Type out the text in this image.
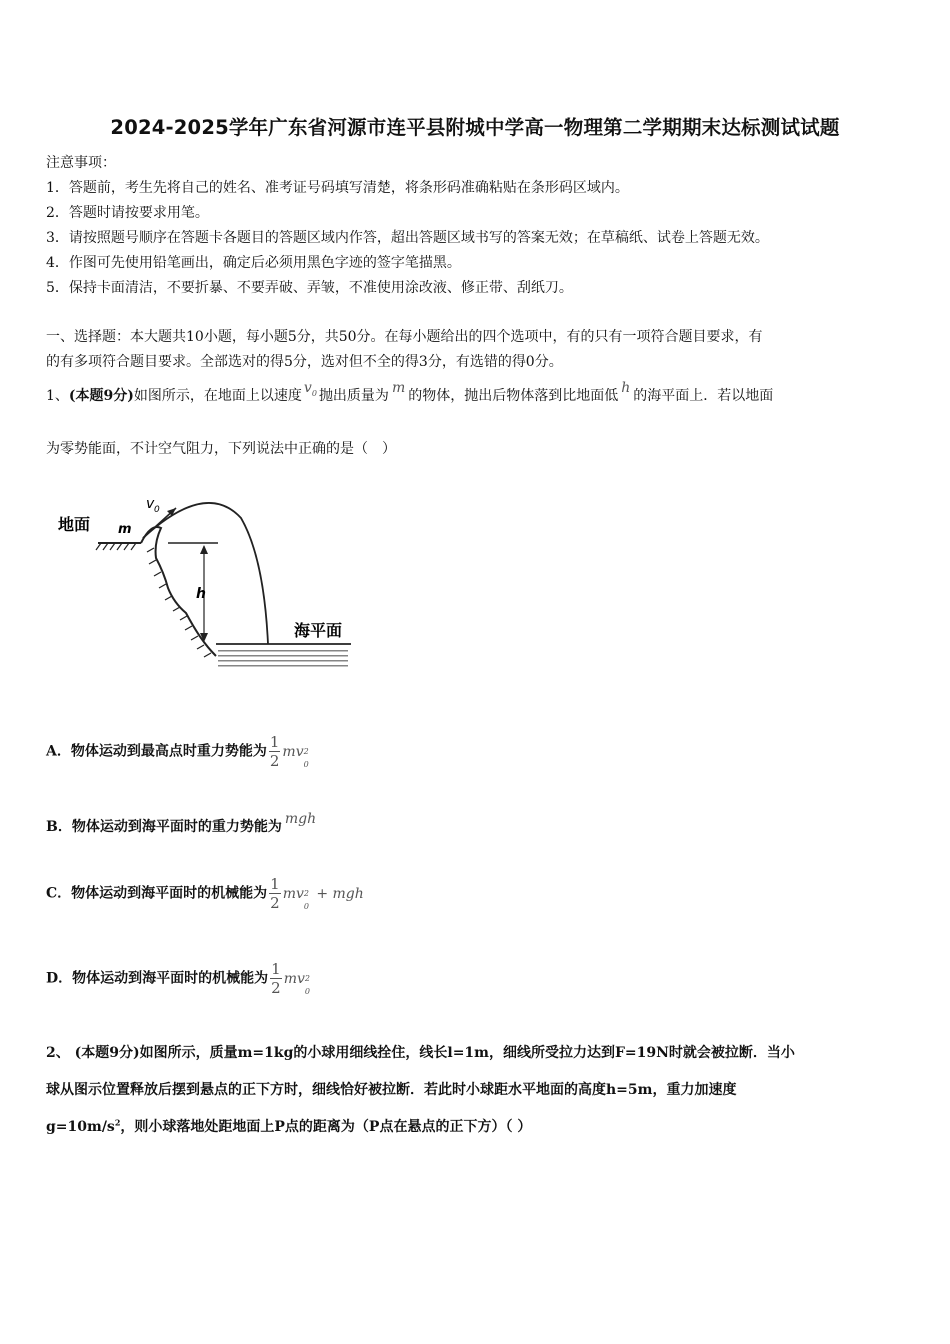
2024-2025学年广东省河源市连平县附城中学高一物理第二学期期末达标测试试题
注意事项：
1．答题前，考生先将自己的姓名、准考证号码填写清楚，将条形码准确粘贴在条形码区域内。
2．答题时请按要求用笔。
3．请按照题号顺序在答题卡各题目的答题区域内作答，超出答题区域书写的答案无效；在草稿纸、试卷上答题无效。
4．作图可先使用铅笔画出，确定后必须用黑色字迹的签字笔描黑。
5．保持卡面清洁，不要折暴、不要弄破、弄皱，不准使用涂改液、修正带、刮纸刀。
一、选择题：本大题共10小题，每小题5分，共50分。在每小题给出的四个选项中，有的只有一项符合题目要求，有
的有多项符合题目要求。全部选对的得5分，选对但不全的得3分，有选错的得0分。
1、(本题9分)如图所示，在地面上以速度 $v_0$ 抛出质量为 m 的物体，抛出后物体落到比地面低 h 的海平面上．若以地面
为零势能面，不计空气阻力，下列说法中正确的是（　）
地面
海平面
m
v 0
h
A．物体运动到最高点时重力势能为 $\frac{1}{2}$ mv 2
0
B．物体运动到海平面时的重力势能为 mgh
C．物体运动到海平面时的机械能为 $\frac{1}{2}$ mv 2
0
+ mgh
D．物体运动到海平面时的机械能为 $\frac{1}{2}$ mv 2
0
2、 (本题9分)如图所示，质量m=1kg的小球用细线拴住，线长l=1m，细线所受拉力达到F=19N时就会被拉断．当小
球从图示位置释放后摆到悬点的正下方时，细线恰好被拉断．若此时小球距水平地面的高度h=5m，重力加速度
$g=10m/s^2$，则小球落地处距地面上P点的距离为（P点在悬点的正下方）（ ）
